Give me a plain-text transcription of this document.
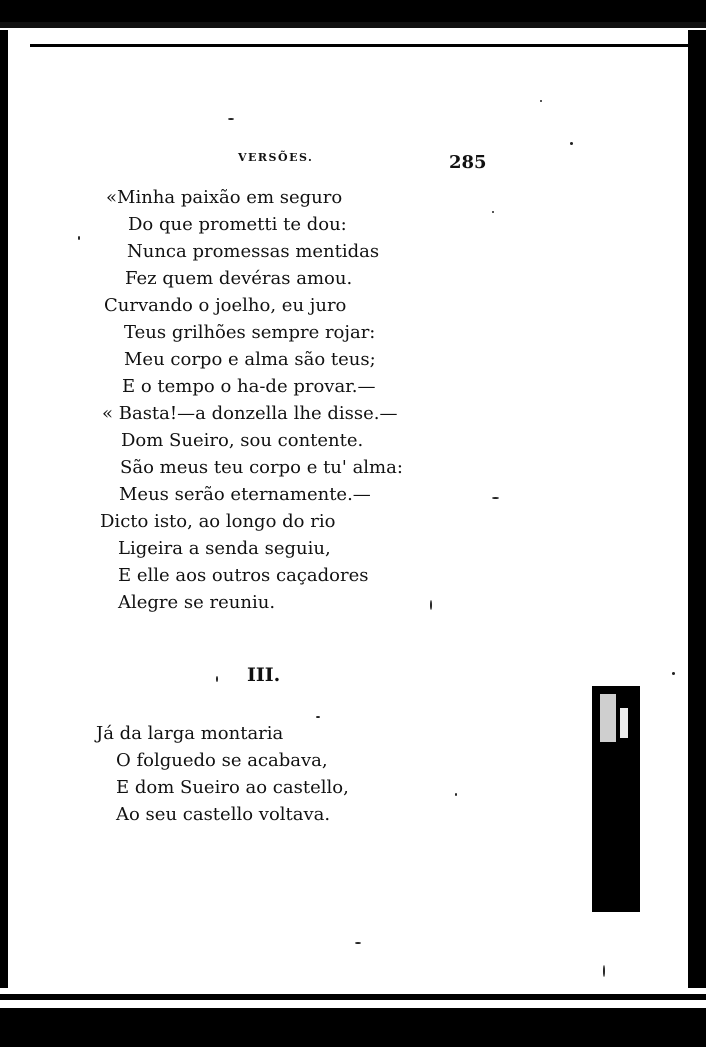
VERSÕES.	285
«Minha paixão em seguro
Do que prometti te dou:
Nunca promessas mentidas
Fez quem devéras amou.
Curvando o joelho, eu juro
Teus grilhões sempre rojar:
Meu corpo e alma são teus;
E o tempo o ha-de provar.—
« Basta!—a donzella lhe disse.—
Dom Sueiro, sou contente.
São meus teu corpo e tu' alma:
Meus serão eternamente.—
Dicto isto, ao longo do rio
Ligeira a senda seguiu,
E elle aos outros caçadores
Alegre se reuniu.
III.
Já da larga montaria
O folguedo se acabava,
E dom Sueiro ao castello,
Ao seu castello voltava.
